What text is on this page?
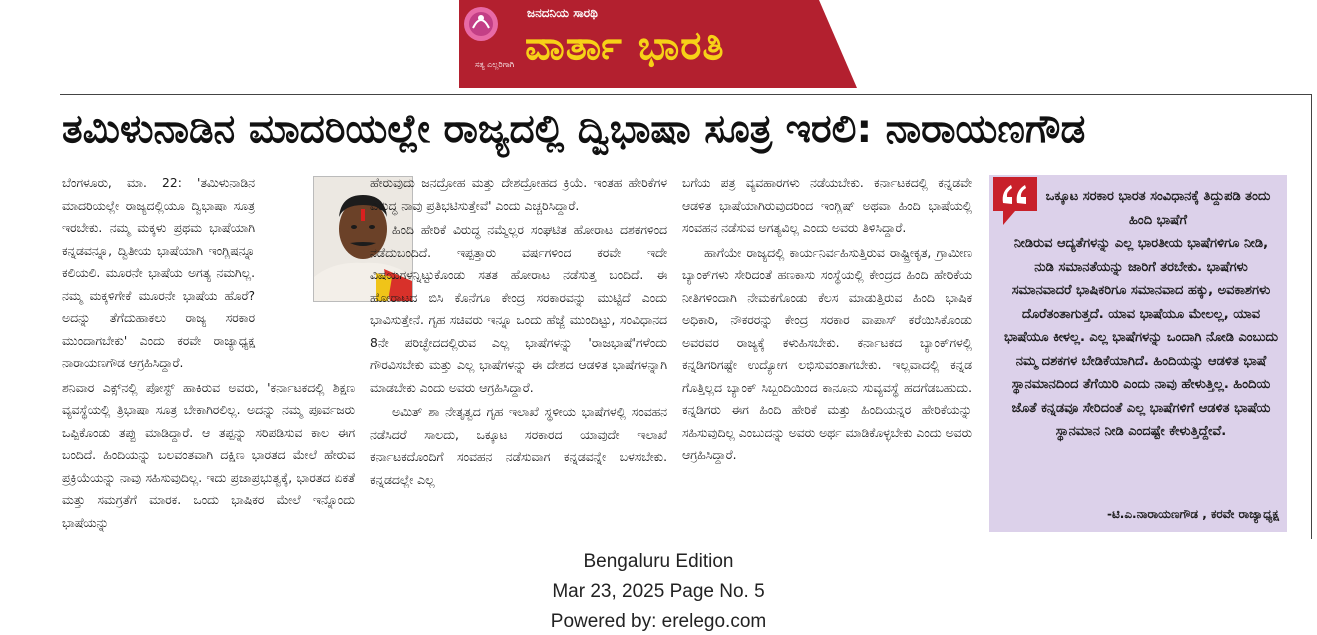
ಜನದನಿಯ ಸಾರಥಿ
ವಾರ್ತಾ ಭಾರತಿ
ಸತ್ಯ ಎಲ್ಲರಿಗಾಗಿ
ತಮಿಳುನಾಡಿನ ಮಾದರಿಯಲ್ಲೇ ರಾಜ್ಯದಲ್ಲಿ ದ್ವಿಭಾಷಾ ಸೂತ್ರ ಇರಲಿ: ನಾರಾಯಣಗೌಡ

ಬೆಂಗಳೂರು, ಮಾ. 22: 'ತಮಿಳುನಾಡಿನ ಮಾದರಿಯಲ್ಲೇ ರಾಜ್ಯದಲ್ಲಿಯೂ ದ್ವಿಭಾಷಾ ಸೂತ್ರ ಇರಬೇಕು. ನಮ್ಮ ಮಕ್ಕಳು ಪ್ರಥಮ ಭಾಷೆಯಾಗಿ ಕನ್ನಡವನ್ನೂ, ದ್ವಿತೀಯ ಭಾಷೆಯಾಗಿ ಇಂಗ್ಲಿಷನ್ನೂ ಕಲಿಯಲಿ. ಮೂರನೇ ಭಾಷೆಯ ಅಗತ್ಯ ನಮಗಿಲ್ಲ. ನಮ್ಮ ಮಕ್ಕಳಿಗೇಕೆ ಮೂರನೇ ಭಾಷೆಯ ಹೊರೆ? ಅದನ್ನು ತೆಗೆದುಹಾಕಲು ರಾಜ್ಯ ಸರಕಾರ ಮುಂದಾಗಬೇಕು' ಎಂದು ಕರವೇ ರಾಜ್ಯಾಧ್ಯಕ್ಷ ನಾರಾಯಣಗೌಡ ಆಗ್ರಹಿಸಿದ್ದಾರೆ.

ಶನಿವಾರ ಎಕ್ಸ್‌ನಲ್ಲಿ ಪೋಸ್ಟ್ ಹಾಕಿರುವ ಅವರು, 'ಕರ್ನಾಟಕದಲ್ಲಿ ಶಿಕ್ಷಣ ವ್ಯವಸ್ಥೆಯಲ್ಲಿ ತ್ರಿಭಾಷಾ ಸೂತ್ರ ಬೇಕಾಗಿರಲಿಲ್ಲ. ಅದನ್ನು ನಮ್ಮ ಪೂರ್ವಜರು ಒಪ್ಪಿಕೊಂಡು ತಪ್ಪು ಮಾಡಿದ್ದಾರೆ. ಆ ತಪ್ಪನ್ನು ಸರಿಪಡಿಸುವ ಕಾಲ ಈಗ ಬಂದಿದೆ. ಹಿಂದಿಯನ್ನು ಬಲವಂತವಾಗಿ ದಕ್ಷಿಣ ಭಾರತದ ಮೇಲೆ ಹೇರುವ ಪ್ರಕ್ರಿಯೆಯನ್ನು ನಾವು ಸಹಿಸುವುದಿಲ್ಲ. ಇದು ಪ್ರಜಾಪ್ರಭುತ್ವಕ್ಕೆ, ಭಾರತದ ಏಕತೆ ಮತ್ತು ಸಮಗ್ರತೆಗೆ ಮಾರಕ. ಒಂದು ಭಾಷಿಕರ ಮೇಲೆ ಇನ್ನೊಂದು ಭಾಷೆಯನ್ನು

ಹೇರುವುದು ಜನದ್ರೋಹ ಮತ್ತು ದೇಶದ್ರೋಹದ ಕ್ರಿಯೆ. ಇಂತಹ ಹೇರಿಕೆಗಳ ವಿರುದ್ಧ ನಾವು ಪ್ರತಿಭಟಿಸುತ್ತೇವೆ' ಎಂದು ಎಚ್ಚರಿಸಿದ್ದಾರೆ.

ಹಿಂದಿ ಹೇರಿಕೆ ವಿರುದ್ಧ ನಮ್ಮೆಲ್ಲರ ಸಂಘಟಿತ ಹೋರಾಟ ದಶಕಗಳಿಂದ ನಡೆದುಬಂದಿದೆ. ಇಪ್ಪತ್ತಾರು ವರ್ಷಗಳಿಂದ ಕರವೇ ಇದೇ ವಿಷಯಗಳನ್ನಿಟ್ಟುಕೊಂಡು ಸತತ ಹೋರಾಟ ನಡೆಸುತ್ತ ಬಂದಿದೆ. ಈ ಹೋರಾಟದ ಬಿಸಿ ಕೊನೆಗೂ ಕೇಂದ್ರ ಸರಕಾರವನ್ನು ಮುಟ್ಟಿದೆ ಎಂದು ಭಾವಿಸುತ್ತೇನೆ. ಗೃಹ ಸಚಿವರು ಇನ್ನೂ ಒಂದು ಹೆಜ್ಜೆ ಮುಂದಿಟ್ಟು, ಸಂವಿಧಾನದ 8ನೇ ಪರಿಚ್ಛೇದದಲ್ಲಿರುವ ಎಲ್ಲ ಭಾಷೆಗಳನ್ನು 'ರಾಜಭಾಷೆ'ಗಳೆಂದು ಗೌರವಿಸಬೇಕು ಮತ್ತು ಎಲ್ಲ ಭಾಷೆಗಳನ್ನು ಈ ದೇಶದ ಆಡಳಿತ ಭಾಷೆಗಳನ್ನಾಗಿ ಮಾಡಬೇಕು ಎಂದು ಅವರು ಆಗ್ರಹಿಸಿದ್ದಾರೆ.

ಅಮಿತ್ ಶಾ ನೇತೃತ್ವದ ಗೃಹ ಇಲಾಖೆ ಸ್ಥಳೀಯ ಭಾಷೆಗಳಲ್ಲಿ ಸಂವಹನ ನಡೆಸಿದರೆ ಸಾಲದು, ಒಕ್ಕೂಟ ಸರಕಾರದ ಯಾವುದೇ ಇಲಾಖೆ ಕರ್ನಾಟಕದೊಂದಿಗೆ ಸಂವಹನ ನಡೆಸುವಾಗ ಕನ್ನಡವನ್ನೇ ಬಳಸಬೇಕು. ಕನ್ನಡದಲ್ಲೇ ಎಲ್ಲ

ಬಗೆಯ ಪತ್ರ ವ್ಯವಹಾರಗಳು ನಡೆಯಬೇಕು. ಕರ್ನಾಟಕದಲ್ಲಿ ಕನ್ನಡವೇ ಆಡಳಿತ ಭಾಷೆಯಾಗಿರುವುದರಿಂದ ಇಂಗ್ಲಿಷ್ ಅಥವಾ ಹಿಂದಿ ಭಾಷೆಯಲ್ಲಿ ಸಂವಹನ ನಡೆಸುವ ಅಗತ್ಯವಿಲ್ಲ ಎಂದು ಅವರು ತಿಳಿಸಿದ್ದಾರೆ.

ಹಾಗೆಯೇ ರಾಜ್ಯದಲ್ಲಿ ಕಾರ್ಯನಿರ್ವಹಿಸುತ್ತಿರುವ ರಾಷ್ಟ್ರೀಕೃತ, ಗ್ರಾಮೀಣ ಬ್ಯಾಂಕ್‌ಗಳು ಸೇರಿದಂತೆ ಹಣಕಾಸು ಸಂಸ್ಥೆಯಲ್ಲಿ ಕೇಂದ್ರದ ಹಿಂದಿ ಹೇರಿಕೆಯ ನೀತಿಗಳಿಂದಾಗಿ ನೇಮಕಗೊಂಡು ಕೆಲಸ ಮಾಡುತ್ತಿರುವ ಹಿಂದಿ ಭಾಷಿಕ ಅಧಿಕಾರಿ, ನೌಕರರನ್ನು ಕೇಂದ್ರ ಸರಕಾರ ವಾಪಾಸ್ ಕರೆಯಿಸಿಕೊಂಡು ಅವರವರ ರಾಜ್ಯಕ್ಕೆ ಕಳುಹಿಸಬೇಕು. ಕರ್ನಾಟಕದ ಬ್ಯಾಂಕ್‌ಗಳಲ್ಲಿ ಕನ್ನಡಿಗರಿಗಷ್ಟೇ ಉದ್ಯೋಗ ಲಭಿಸುವಂತಾಗಬೇಕು. ಇಲ್ಲವಾದಲ್ಲಿ ಕನ್ನಡ ಗೊತ್ತಿಲ್ಲದ ಬ್ಯಾಂಕ್ ಸಿಬ್ಬಂದಿಯಿಂದ ಕಾನೂನು ಸುವ್ಯವಸ್ಥೆ ಹದಗೆಡಬಹುದು. ಕನ್ನಡಿಗರು ಈಗ ಹಿಂದಿ ಹೇರಿಕೆ ಮತ್ತು ಹಿಂದಿಯನ್ನರ ಹೇರಿಕೆಯನ್ನು ಸಹಿಸುವುದಿಲ್ಲ ಎಂಬುದನ್ನು ಅವರು ಅರ್ಥ ಮಾಡಿಕೊಳ್ಳಬೇಕು ಎಂದು ಅವರು ಆಗ್ರಹಿಸಿದ್ದಾರೆ.

ಒಕ್ಕೂಟ ಸರಕಾರ ಭಾರತ ಸಂವಿಧಾನಕ್ಕೆ ತಿದ್ದುಪಡಿ ತಂದು ಹಿಂದಿ ಭಾಷೆಗೆ
ನೀಡಿರುವ ಆದ್ಯತೆಗಳನ್ನು ಎಲ್ಲ ಭಾರತೀಯ ಭಾಷೆಗಳಿಗೂ ನೀಡಿ, ನುಡಿ ಸಮಾನತೆಯನ್ನು ಜಾರಿಗೆ ತರಬೇಕು. ಭಾಷೆಗಳು ಸಮಾನವಾದರೆ ಭಾಷಿಕರಿಗೂ ಸಮಾನವಾದ ಹಕ್ಕು, ಅವಕಾಶಗಳು ದೊರೆತಂತಾಗುತ್ತದೆ. ಯಾವ ಭಾಷೆಯೂ ಮೇಲಲ್ಲ, ಯಾವ ಭಾಷೆಯೂ ಕೀಳಲ್ಲ. ಎಲ್ಲ ಭಾಷೆಗಳನ್ನು ಒಂದಾಗಿ ನೋಡಿ ಎಂಬುದು ನಮ್ಮ ದಶಕಗಳ ಬೇಡಿಕೆಯಾಗಿದೆ. ಹಿಂದಿಯನ್ನು ಆಡಳಿತ ಭಾಷೆ ಸ್ಥಾನಮಾನದಿಂದ ತೆಗೆಯಿರಿ ಎಂದು ನಾವು ಹೇಳುತ್ತಿಲ್ಲ. ಹಿಂದಿಯ ಜೊತೆ ಕನ್ನಡವೂ ಸೇರಿದಂತೆ ಎಲ್ಲ ಭಾಷೆಗಳಿಗೆ ಆಡಳಿತ ಭಾಷೆಯ ಸ್ಥಾನಮಾನ ನೀಡಿ ಎಂದಷ್ಟೇ ಕೇಳುತ್ತಿದ್ದೇವೆ.
-ಟಿ.ಎ.ನಾರಾಯಣಗೌಡ , ಕರವೇ ರಾಜ್ಯಾಧ್ಯಕ್ಷ
Bengaluru Edition
Mar 23, 2025 Page No. 5
Powered by: erelego.com
